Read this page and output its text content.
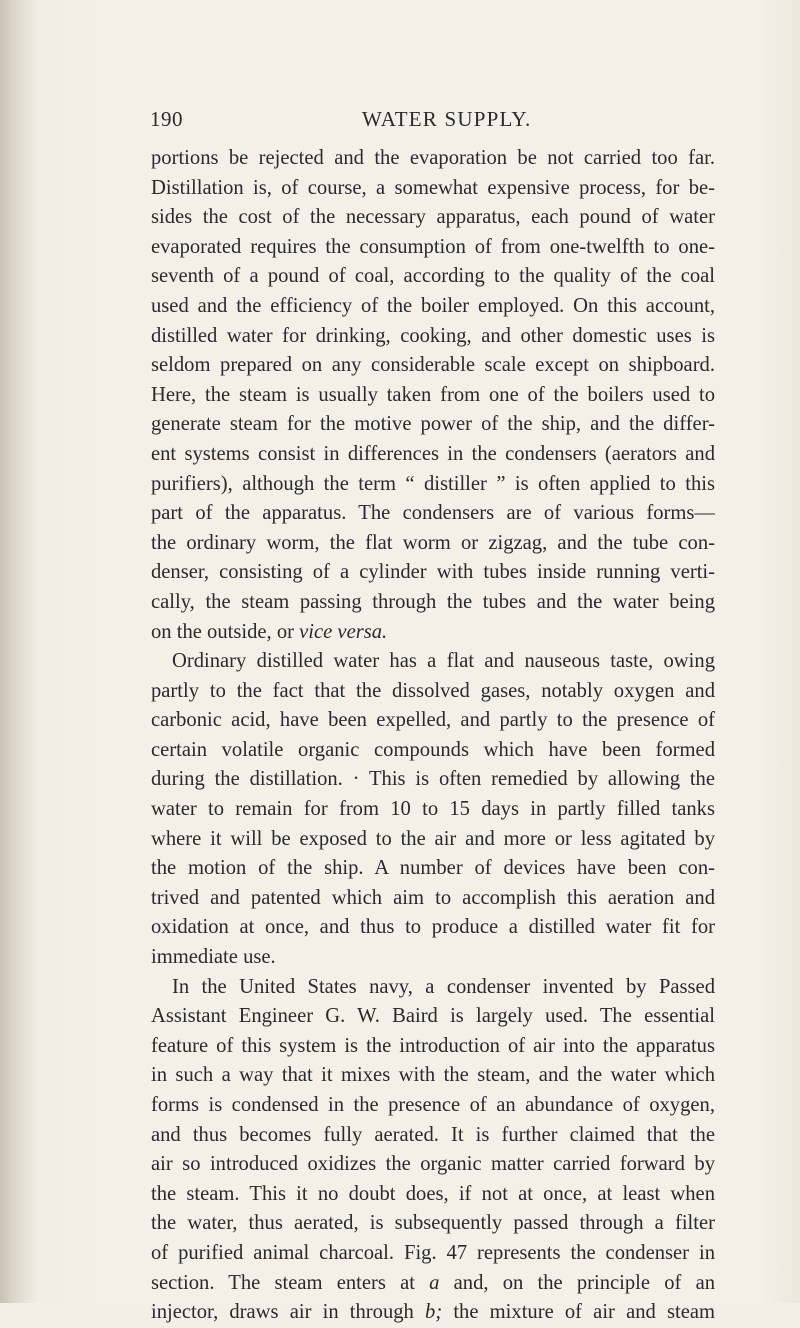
190	WATER SUPPLY.
portions be rejected and the evaporation be not carried too far.
Distillation is, of course, a somewhat expensive process, for be-
sides the cost of the necessary apparatus, each pound of water
evaporated requires the consumption of from one-twelfth to one-
seventh of a pound of coal, according to the quality of the coal
used and the efficiency of the boiler employed. On this account,
distilled water for drinking, cooking, and other domestic uses is
seldom prepared on any considerable scale except on shipboard.
Here, the steam is usually taken from one of the boilers used to
generate steam for the motive power of the ship, and the differ-
ent systems consist in differences in the condensers (aerators and
purifiers), although the term “ distiller ” is often applied to this
part of the apparatus. The condensers are of various forms—
the ordinary worm, the flat worm or zigzag, and the tube con-
denser, consisting of a cylinder with tubes inside running verti-
cally, the steam passing through the tubes and the water being
on the outside, or vice versa.
Ordinary distilled water has a flat and nauseous taste, owing
partly to the fact that the dissolved gases, notably oxygen and
carbonic acid, have been expelled, and partly to the presence of
certain volatile organic compounds which have been formed
during the distillation. · This is often remedied by allowing the
water to remain for from 10 to 15 days in partly filled tanks
where it will be exposed to the air and more or less agitated by
the motion of the ship. A number of devices have been con-
trived and patented which aim to accomplish this aeration and
oxidation at once, and thus to produce a distilled water fit for
immediate use.
In the United States navy, a condenser invented by Passed
Assistant Engineer G. W. Baird is largely used. The essential
feature of this system is the introduction of air into the apparatus
in such a way that it mixes with the steam, and the water which
forms is condensed in the presence of an abundance of oxygen,
and thus becomes fully aerated. It is further claimed that the
air so introduced oxidizes the organic matter carried forward by
the steam. This it no doubt does, if not at once, at least when
the water, thus aerated, is subsequently passed through a filter
of purified animal charcoal. Fig. 47 represents the condenser in
section. The steam enters at a and, on the principle of an
injector, draws air in through b; the mixture of air and steam
